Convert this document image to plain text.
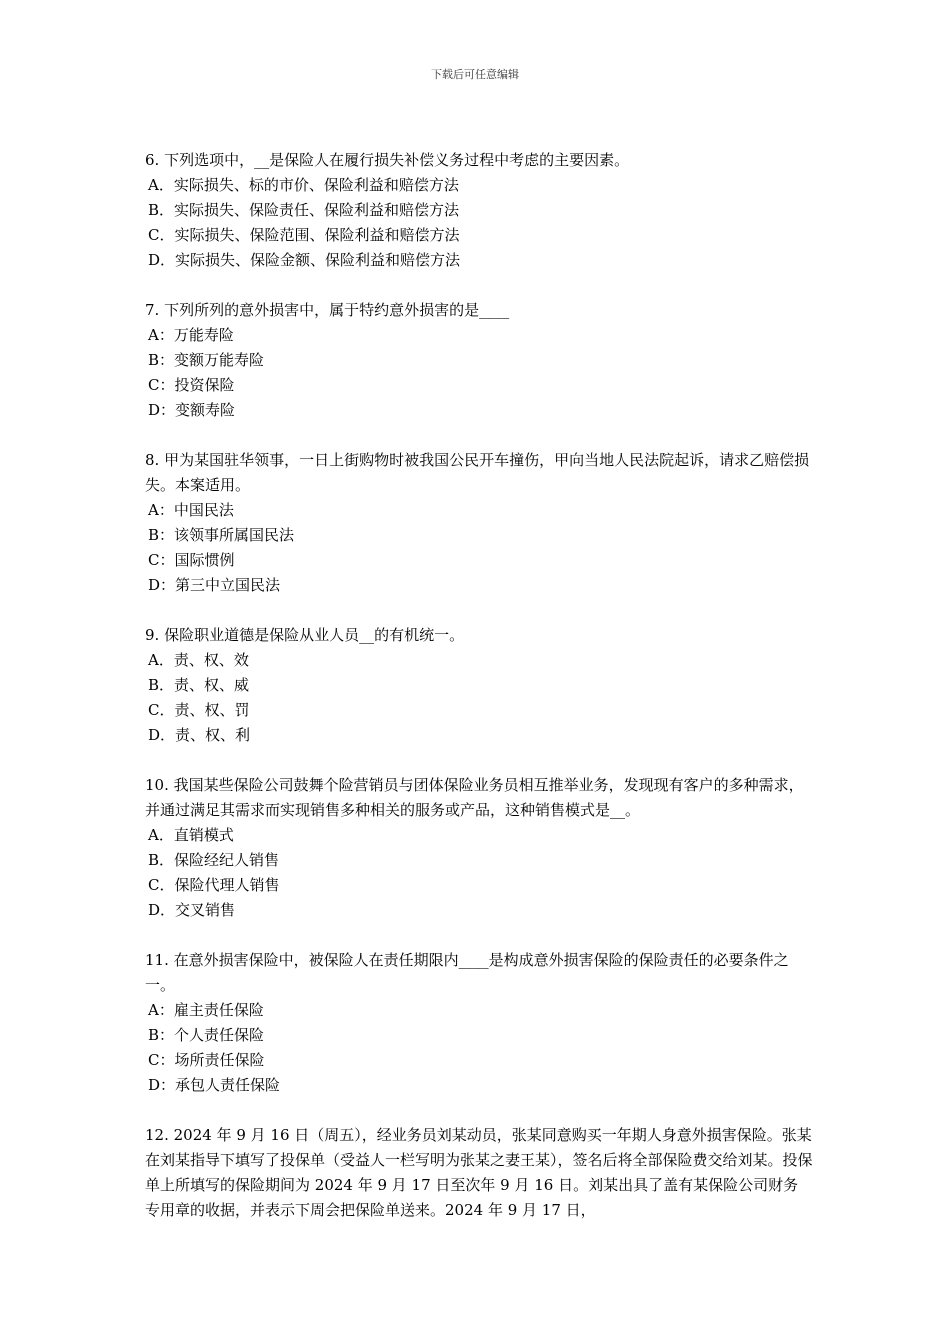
下载后可任意编辑

6. 下列选项中，__是保险人在履行损失补偿义务过程中考虑的主要因素。

A．实际损失、标的市价、保险利益和赔偿方法

B．实际损失、保险责任、保险利益和赔偿方法

C．实际损失、保险范围、保险利益和赔偿方法

D．实际损失、保险金额、保险利益和赔偿方法

7. 下列所列的意外损害中，属于特约意外损害的是____

A：万能寿险

B：变额万能寿险

C：投资保险

D：变额寿险

8. 甲为某国驻华领事，一日上街购物时被我国公民开车撞伤，甲向当地人民法院起诉，请求乙赔偿损失。本案适用。

A：中国民法

B：该领事所属国民法

C：国际惯例

D：第三中立国民法

9. 保险职业道德是保险从业人员__的有机统一。

A．责、权、效

B．责、权、威

C．责、权、罚

D．责、权、利

10. 我国某些保险公司鼓舞个险营销员与团体保险业务员相互推举业务，发现现有客户的多种需求，并通过满足其需求而实现销售多种相关的服务或产品，这种销售模式是__。

A．直销模式

B．保险经纪人销售

C．保险代理人销售

D．交叉销售

11. 在意外损害保险中，被保险人在责任期限内____是构成意外损害保险的保险责任的必要条件之一。

A：雇主责任保险

B：个人责任保险

C：场所责任保险

D：承包人责任保险

12. 2024 年 9 月 16 日（周五），经业务员刘某动员，张某同意购买一年期人身意外损害保险。张某在刘某指导下填写了投保单（受益人一栏写明为张某之妻王某），签名后将全部保险费交给刘某。投保单上所填写的保险期间为 2024 年 9 月 17 日至次年 9 月 16 日。刘某出具了盖有某保险公司财务专用章的收据，并表示下周会把保险单送来。2024 年 9 月 17 日，
